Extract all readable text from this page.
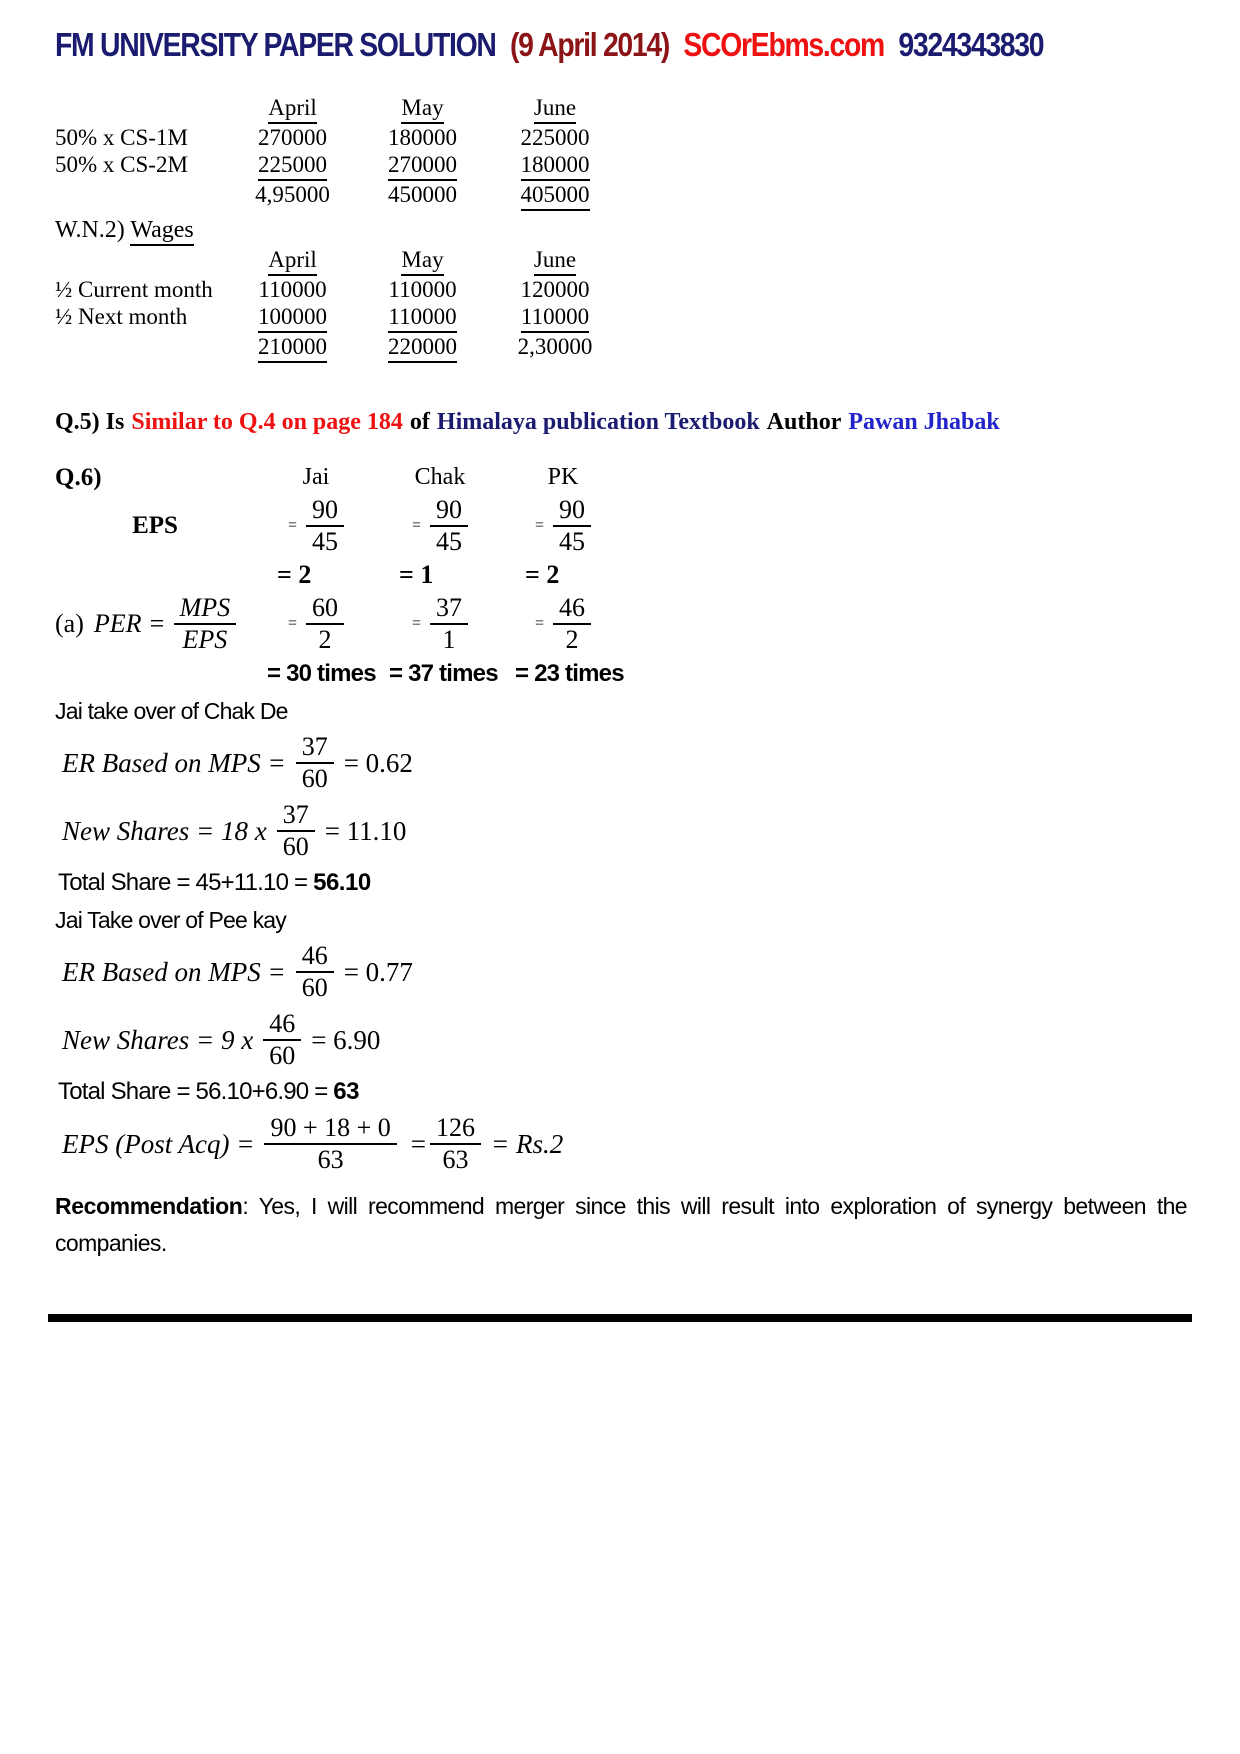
FM UNIVERSITY PAPER SOLUTION (9 April 2014) SCOrEbms.com 9324343830
April	May	June
50% x CS-1M	270000	180000	225000
50% x CS-2M	225000	270000	180000
4,95000	450000	405000
W.N.2) Wages
April	May	June
½ Current month	110000	110000	120000
½ Next month	100000	110000	110000
210000	220000	2,30000
Q.5) Is Similar to Q.4 on page 184 of Himalaya publication Textbook Author Pawan Jhabak
Q.6)	Jai	Chak	PK
EPS	= $\frac{90}{45}$	= $\frac{90}{45}$	= $\frac{90}{45}$
= 2	= 1	= 2
(a) PER =
MPS
EPS
= $\frac{60}{2}$	= $\frac{37}{1}$	= $\frac{46}{2}$
= 30 times = 37 times = 23 times
Jai take over of Chak De
ER Based on MPS = $\frac{37}{60} = 0.62$
New Shares = 18 x $\frac{37}{60} = 11.10$
Total Share = 45+11.10 = 56.10
Jai Take over of Pee kay
ER Based on MPS = $\frac{46}{60} = 0.77$
New Shares = 9 x $\frac{46}{60} = 6.90$
Total Share = 56.10+6.90 = 63
EPS (Post $Acq) = \frac{90 + 18 + 0}{63} = \frac{126}{63} = Rs.2$
Recommendation: Yes, I will recommend merger since this will result into exploration of synergy between the companies.
